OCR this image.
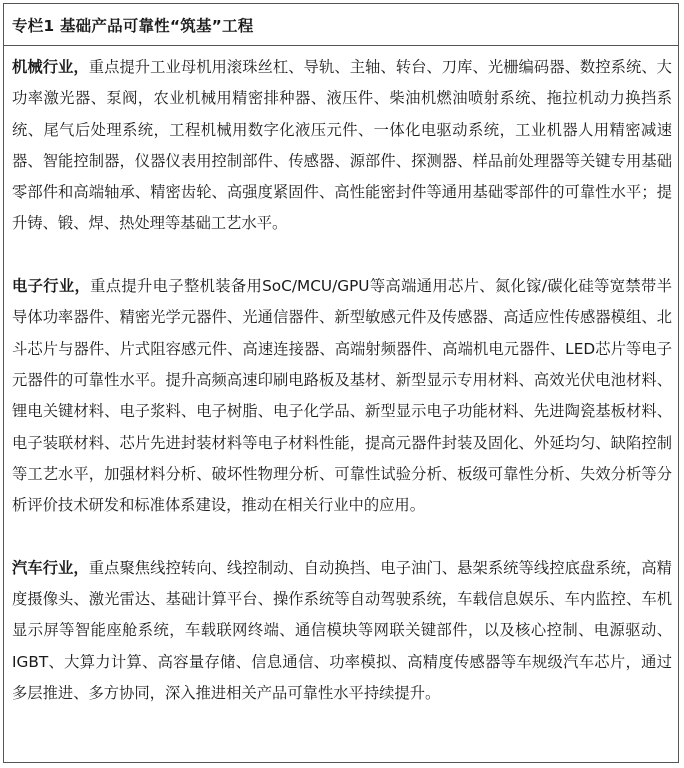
专栏1 基础产品可靠性“筑基”工程

机械行业，重点提升工业母机用滚珠丝杠、导轨、主轴、转台、刀库、光栅编码器、数控系统、大功率激光器、泵阀，农业机械用精密排种器、液压件、柴油机燃油喷射系统、拖拉机动力换挡系统、尾气后处理系统，工程机械用数字化液压元件、一体化电驱动系统，工业机器人用精密减速器、智能控制器，仪器仪表用控制部件、传感器、源部件、探测器、样品前处理器等关键专用基础零部件和高端轴承、精密齿轮、高强度紧固件、高性能密封件等通用基础零部件的可靠性水平；提升铸、锻、焊、热处理等基础工艺水平。

电子行业，重点提升电子整机装备用SoC/MCU/GPU等高端通用芯片、氮化镓/碳化硅等宽禁带半导体功率器件、精密光学元器件、光通信器件、新型敏感元件及传感器、高适应性传感器模组、北斗芯片与器件、片式阻容感元件、高速连接器、高端射频器件、高端机电元器件、LED芯片等电子元器件的可靠性水平。提升高频高速印刷电路板及基材、新型显示专用材料、高效光伏电池材料、锂电关键材料、电子浆料、电子树脂、电子化学品、新型显示电子功能材料、先进陶瓷基板材料、电子装联材料、芯片先进封装材料等电子材料性能，提高元器件封装及固化、外延均匀、缺陷控制等工艺水平，加强材料分析、破坏性物理分析、可靠性试验分析、板级可靠性分析、失效分析等分析评价技术研发和标准体系建设，推动在相关行业中的应用。

汽车行业，重点聚焦线控转向、线控制动、自动换挡、电子油门、悬架系统等线控底盘系统，高精度摄像头、激光雷达、基础计算平台、操作系统等自动驾驶系统，车载信息娱乐、车内监控、车机显示屏等智能座舱系统，车载联网终端、通信模块等网联关键部件，以及核心控制、电源驱动、IGBT、大算力计算、高容量存储、信息通信、功率模拟、高精度传感器等车规级汽车芯片，通过多层推进、多方协同，深入推进相关产品可靠性水平持续提升。
